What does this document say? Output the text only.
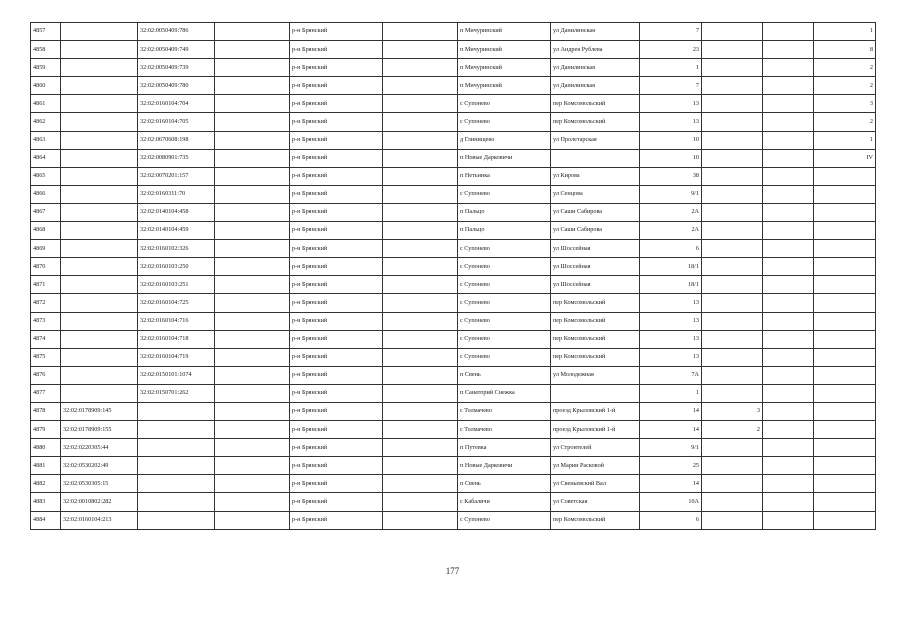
4857		32:02:0050409:786		р-н Брянский		п Мичуринский	ул Данилинская	7			1
4858		32:02:0050409:749		р-н Брянский		п Мичуринский	ул Андрея Рублева	23			8
4859		32:02:0050409:739		р-н Брянский		п Мичуринский	ул Данилинская	1			2
4860		32:02:0050409:780		р-н Брянский		п Мичуринский	ул Данилинская	7			2
4861		32:02:0160104:704		р-н Брянский		с Супонево	пер Комсомольский	13			3
4862		32:02:0160104:705		р-н Брянский		с Супонево	пер Комсомольский	13			2
4863		32:02:0670608:198		р-н Брянский		д Глинищево	ул Пролетарская	10			1
4864		32:02:0080901:735		р-н Брянский		п Новые Дарковичи		10			IV
4865		32:02:0070201:157		р-н Брянский		п Нетьинка	ул Кирова	38			
4866		32:02:0160311:70		р-н Брянский		с Супонево	ул Сенцова	9/1			
4867		32:02:0140104:458		р-н Брянский		п Пальцо	ул Саши Сабирова	2А			
4868		32:02:0140104:459		р-н Брянский		п Пальцо	ул Саши Сабирова	2А			
4869		32:02:0160102:326		р-н Брянский		с Супонево	ул Шоссейная	6			
4870		32:02:0160103:250		р-н Брянский		с Супонево	ул Шоссейная	18/1			
4871		32:02:0160103:251		р-н Брянский		с Супонево	ул Шоссейная	18/1			
4872		32:02:0160104:725		р-н Брянский		с Супонево	пер Комсомольский	13			
4873		32:02:0160104:716		р-н Брянский		с Супонево	пер Комсомольский	13			
4874		32:02:0160104:718		р-н Брянский		с Супонево	пер Комсомольский	13			
4875		32:02:0160104:719		р-н Брянский		с Супонево	пер Комсомольский	13			
4876		32:02:0150101:1074		р-н Брянский		п Свень	ул Молодежная	7А			
4877		32:02:0150701:262		р-н Брянский		п Санаторий Снежка		1			
4878	32:02:0178909:145			р-н Брянский		с Толмачево	проезд Крыловский 1-й	14	3		
4879	32:02:0178909:155			р-н Брянский		с Толмачево	проезд Крыловский 1-й	14	2		
4880	32:02:0220305:44			р-н Брянский		п Путевка	ул Строителей	9/1			
4881	32:02:0530202:49			р-н Брянский		п Новые Дарковичи	ул Марии Расковой	25			
4882	32:02:0530305:15			р-н Брянский		п Свень	ул Свеньевский Вал	14			
4883	32:02:0010802:282			р-н Брянский		с Кабаличи	ул Советская	10А			
4884	32:02:0160104:213			р-н Брянский		с Супонево	пер Комсомольский	6			
177
